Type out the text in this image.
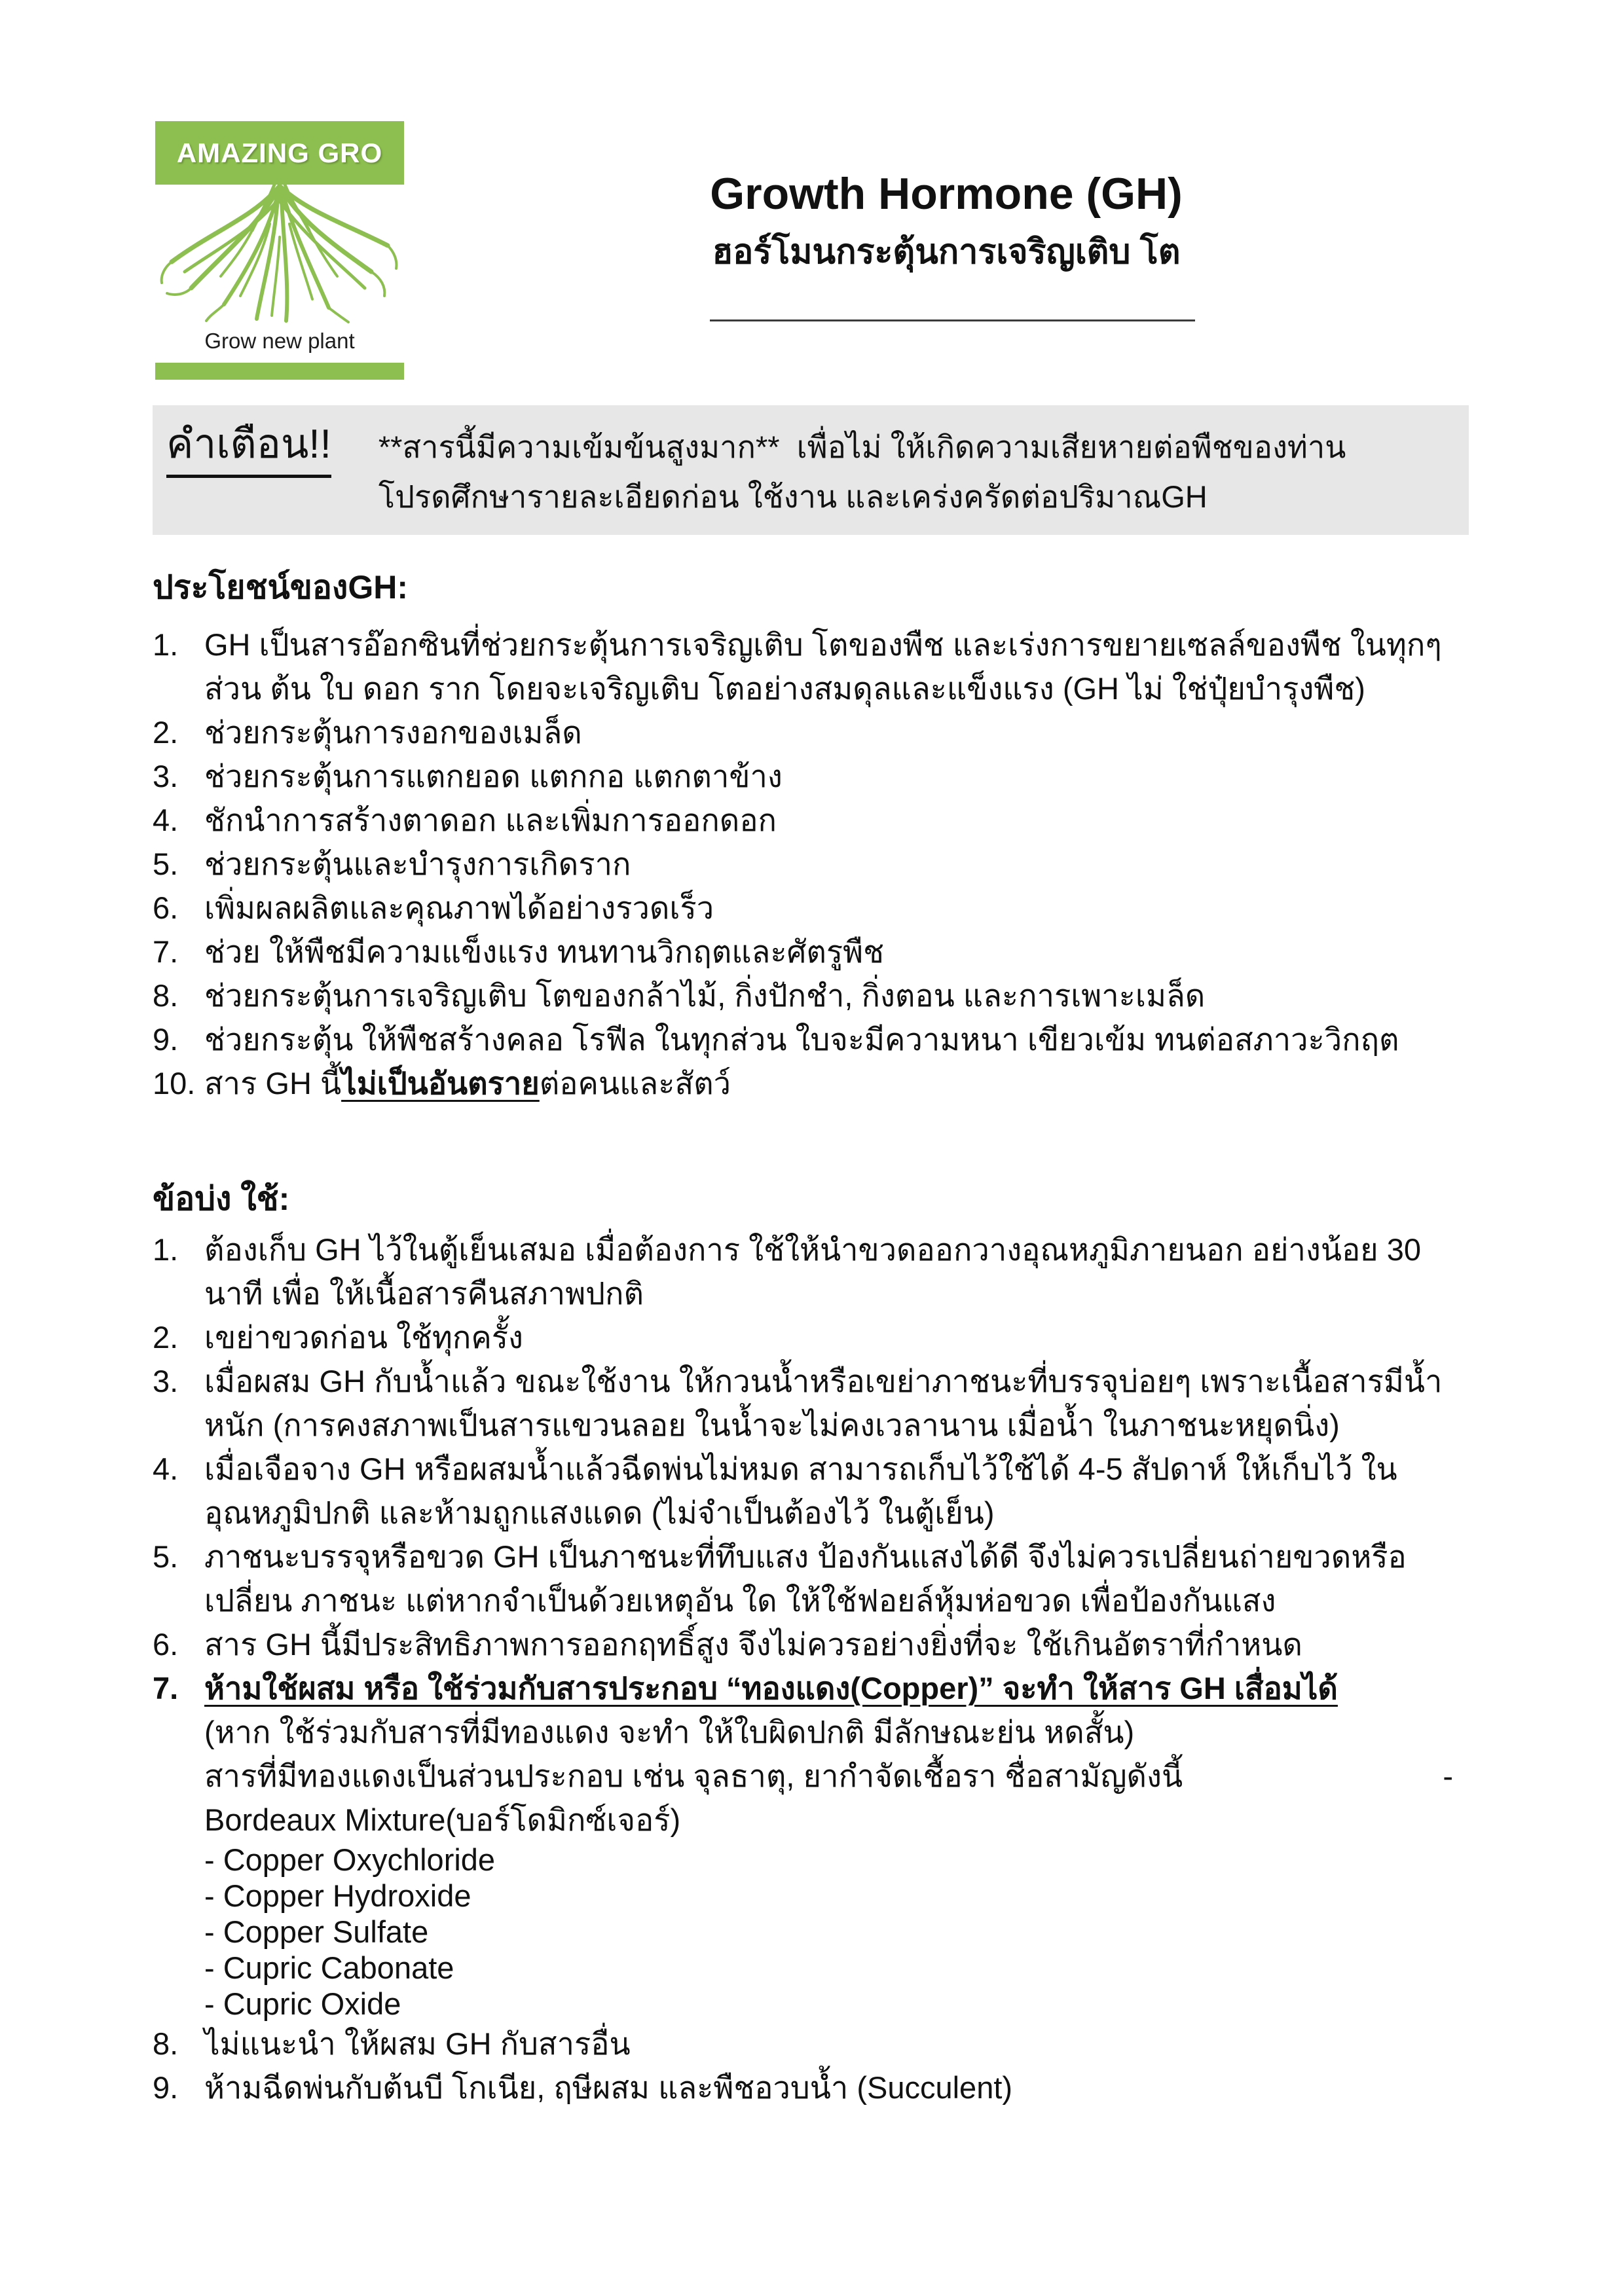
AMAZING GRO
Grow new plant
Growth Hormone (GH)
ฮอร์โมนกระตุ้นการเจริญเติบ โต
คำเตือน!! **สารนี้มีความเข้มข้นสูงมาก**  เพื่อไม่ ให้เกิดความเสียหายต่อพืชของท่าน
โปรดศึกษารายละเอียดก่อน ใช้งาน และเคร่งครัดต่อปริมาณGH
ประโยชน์ของGH:
1. GH เป็นสารอ๊อกซินที่ช่วยกระตุ้นการเจริญเติบ โตของพืช และเร่งการขยายเซลล์ของพืช ในทุกๆส่วน ต้น ใบ ดอก ราก โดยจะเจริญเติบ โตอย่างสมดุลและแข็งแรง (GH ไม่ ใช่ปุ๋ยบำรุงพืช)
2. ช่วยกระตุ้นการงอกของเมล็ด
3. ช่วยกระตุ้นการแตกยอด แตกกอ แตกตาข้าง
4. ชักนำการสร้างตาดอก และเพิ่มการออกดอก
5. ช่วยกระตุ้นและบำรุงการเกิดราก
6. เพิ่มผลผลิตและคุณภาพได้อย่างรวดเร็ว
7. ช่วย ให้พืชมีความแข็งแรง ทนทานวิกฤตและศัตรูพืช
8. ช่วยกระตุ้นการเจริญเติบ โตของกล้าไม้, กิ่งปักชำ, กิ่งตอน และการเพาะเมล็ด
9. ช่วยกระตุ้น ให้พืชสร้างคลอ โรฟีล ในทุกส่วน ใบจะมีความหนา เขียวเข้ม ทนต่อสภาวะวิกฤต
10. สาร GH นี้ไม่เป็นอันตรายต่อคนและสัตว์
ข้อบ่ง ใช้:
1. ต้องเก็บ GH ไว้ในตู้เย็นเสมอ เมื่อต้องการ ใช้ให้นำขวดออกวางอุณหภูมิภายนอก อย่างน้อย 30 นาที เพื่อ ให้เนื้อสารคืนสภาพปกติ
2. เขย่าขวดก่อน ใช้ทุกครั้ง
3. เมื่อผสม GH กับน้ำแล้ว ขณะใช้งาน ให้กวนน้ำหรือเขย่าภาชนะที่บรรจุบ่อยๆ เพราะเนื้อสารมีน้ำหนัก (การคงสภาพเป็นสารแขวนลอย ในน้ำจะไม่คงเวลานาน เมื่อน้ำ ในภาชนะหยุดนิ่ง)
4. เมื่อเจือจาง GH หรือผสมน้ำแล้วฉีดพ่นไม่หมด สามารถเก็บไว้ใช้ได้ 4-5 สัปดาห์ ให้เก็บไว้ ในอุณหภูมิปกติ และห้ามถูกแสงแดด (ไม่จำเป็นต้องไว้ ในตู้เย็น)
5. ภาชนะบรรจุหรือขวด GH เป็นภาชนะที่ทึบแสง ป้องกันแสงได้ดี จึงไม่ควรเปลี่ยนถ่ายขวดหรือเปลี่ยน ภาชนะ แต่หากจำเป็นด้วยเหตุอัน ใด ให้ใช้ฟอยล์หุ้มห่อขวด เพื่อป้องกันแสง
6. สาร GH นี้มีประสิทธิภาพการออกฤทธิ์สูง จึงไม่ควรอย่างยิ่งที่จะ ใช้เกินอัตราที่กำหนด
7. ห้ามใช้ผสม หรือ ใช้ร่วมกับสารประกอบ “ทองแดง(Copper)” จะทำ ให้สาร GH เสื่อมได้
(หาก ใช้ร่วมกับสารที่มีทองแดง จะทำ ให้ใบผิดปกติ มีลักษณะย่น หดสั้น)
สารที่มีทองแดงเป็นส่วนประกอบ เช่น จุลธาตุ, ยากำจัดเชื้อรา ชื่อสามัญดังนี้	-
Bordeaux Mixture(บอร์โดมิกซ์เจอร์)
- Copper Oxychloride
- Copper Hydroxide
- Copper Sulfate
- Cupric Cabonate
- Cupric Oxide
8. ไม่แนะนำ ให้ผสม GH กับสารอื่น
9. ห้ามฉีดพ่นกับต้นบี โกเนีย, ฤษีผสม และพืชอวบน้ำ (Succulent)
